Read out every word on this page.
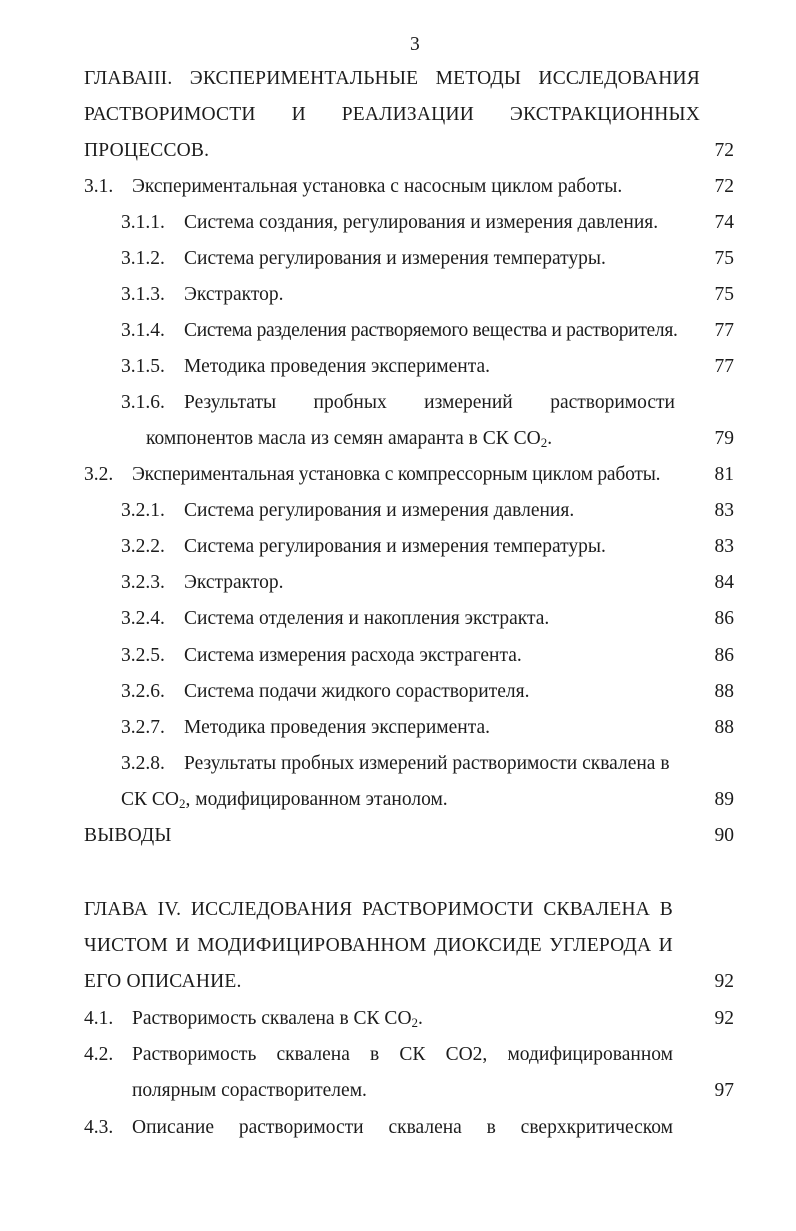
3
ГЛАВА III. ЭКСПЕРИМЕНТАЛЬНЫЕ МЕТОДЫ ИССЛЕДОВАНИЯ
РАСТВОРИМОСТИ И РЕАЛИЗАЦИИ ЭКСТРАКЦИОННЫХ
ПРОЦЕССОВ.	72
3.1. Экспериментальная установка с насосным циклом работы.	72
3.1.1. Система создания, регулирования и измерения давления.	74
3.1.2. Система регулирования и измерения температуры.	75
3.1.3. Экстрактор.	75
3.1.4. Система разделения растворяемого вещества и растворителя. 77
3.1.5. Методика проведения эксперимента.	77
3.1.6. Результаты пробных измерений растворимости
компонентов масла из семян амаранта в СК $CO_2$.	79
3.2. Экспериментальная установка с компрессорным циклом работы.	81
3.2.1. Система регулирования и измерения давления.	83
3.2.2. Система регулирования и измерения температуры.	83
3.2.3. Экстрактор.	84
3.2.4. Система отделения и накопления экстракта.	86
3.2.5. Система измерения расхода экстрагента.	86
3.2.6. Система подачи жидкого сорастворителя.	88
3.2.7. Методика проведения эксперимента.	88
3.2.8. Результаты пробных измерений растворимости сквалена в
СК $CO_2$, модифицированном этанолом.	89
ВЫВОДЫ	90
ГЛАВА IV. ИССЛЕДОВАНИЯ РАСТВОРИМОСТИ СКВАЛЕНА В
ЧИСТОМ И МОДИФИЦИРОВАННОМ ДИОКСИДЕ УГЛЕРОДА И
ЕГО ОПИСАНИЕ.	92
4.1. Растворимость сквалена в СК $CO_2$.	92
4.2. Растворимость сквалена в СК CO2, модифицированном
полярным сорастворителем.	97
4.3. Описание растворимости сквалена в сверхкритическом
